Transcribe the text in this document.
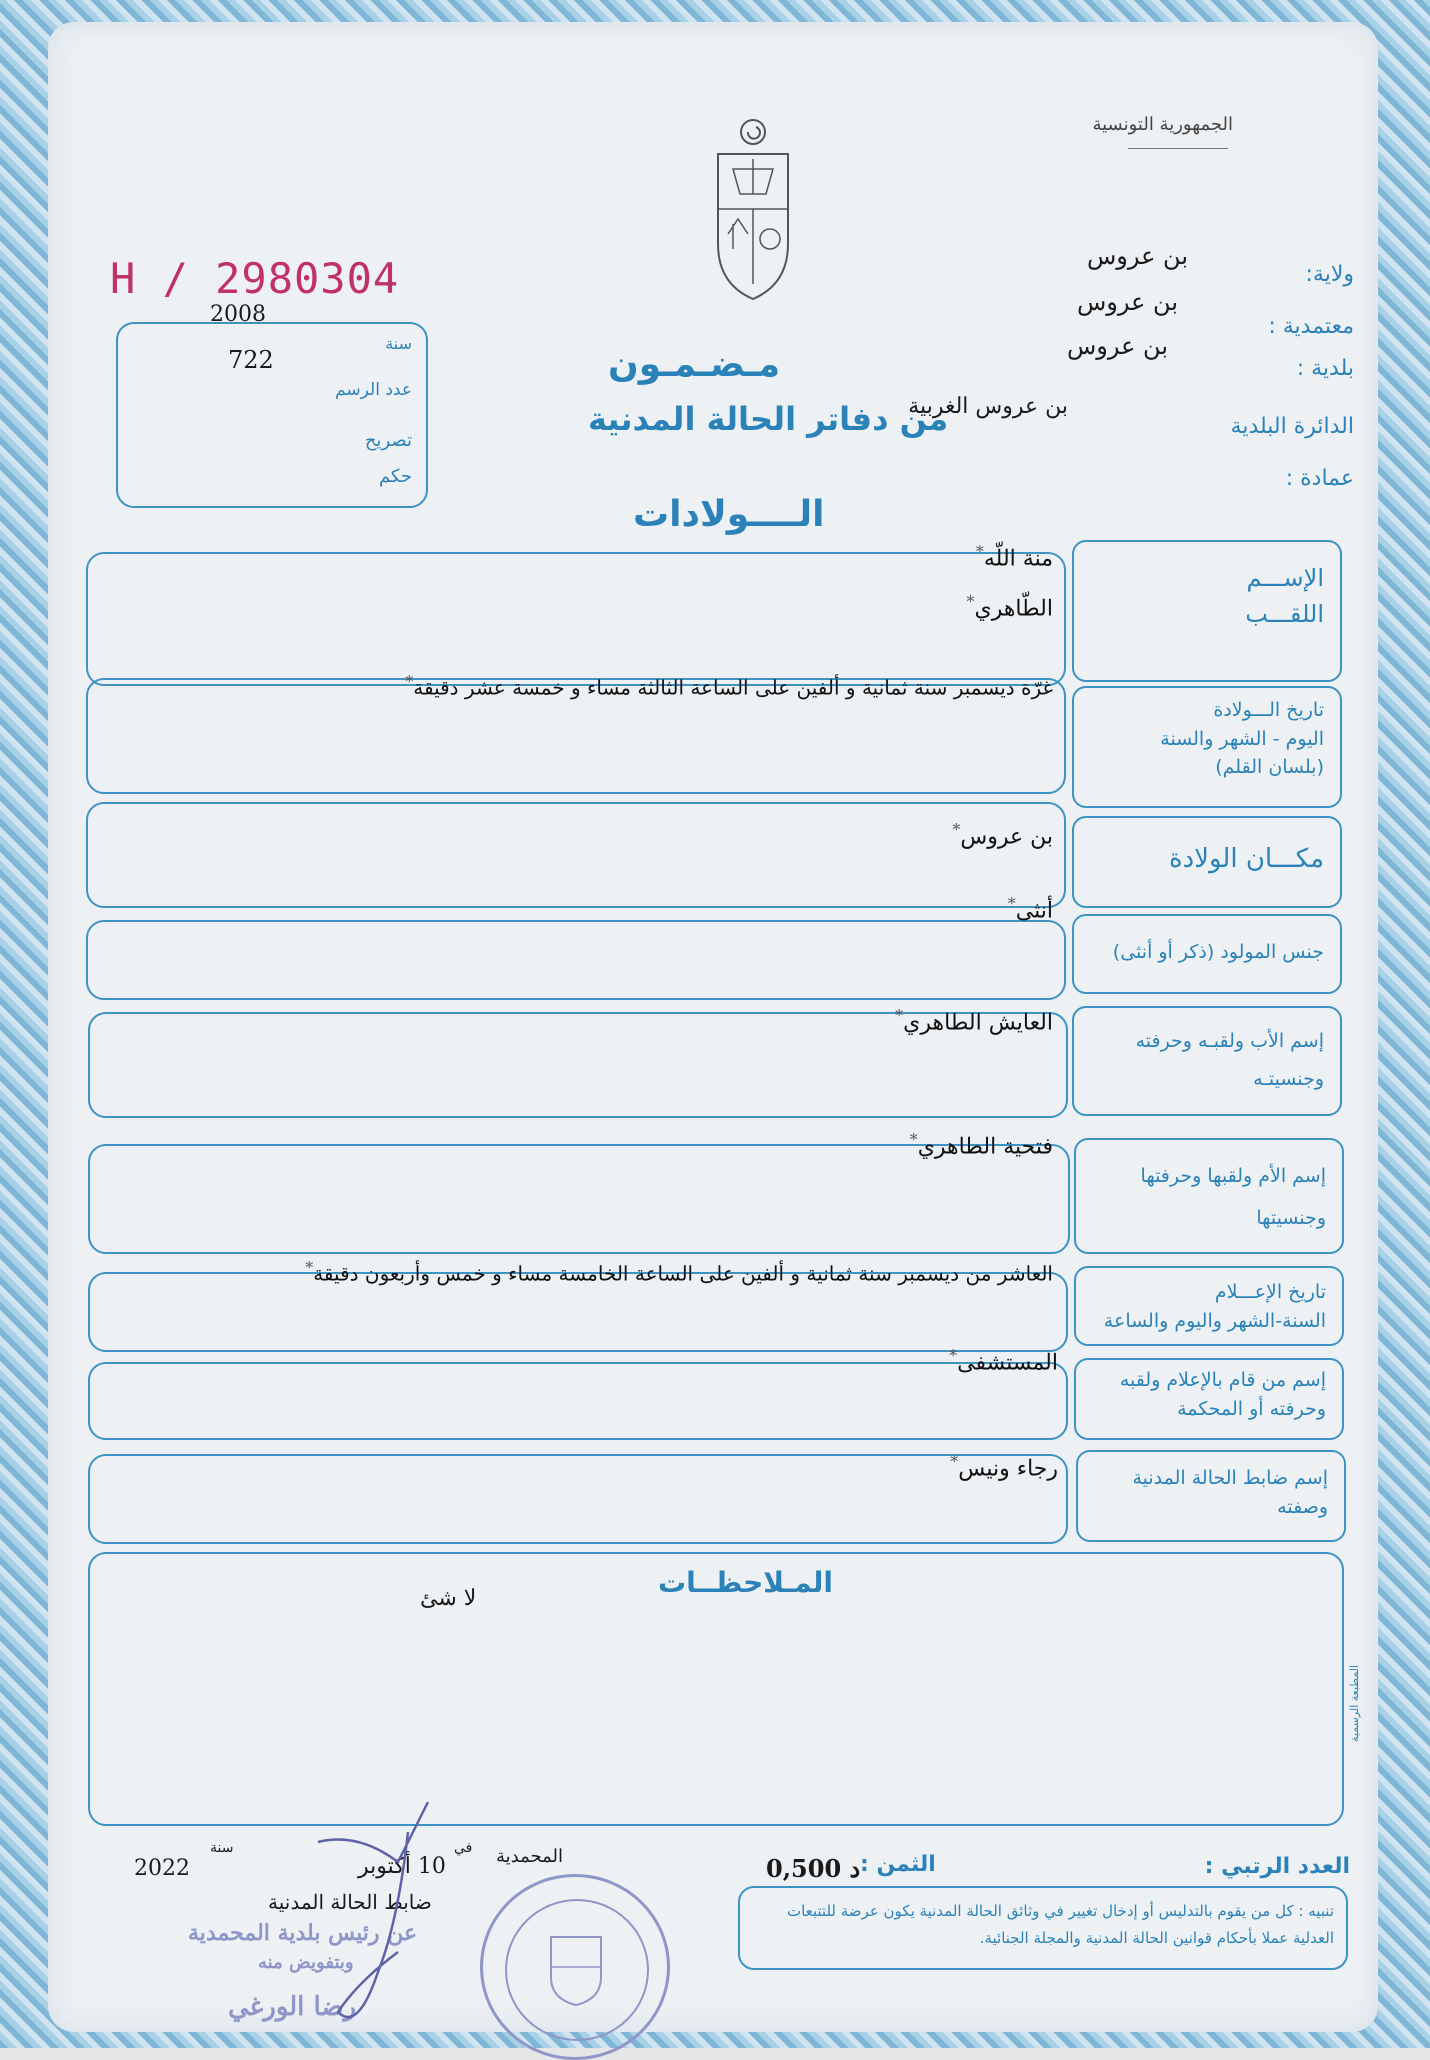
الجمهورية التونسية
ولاية:
بن عروس
معتمدية :
بن عروس
بلدية :
بن عروس
الدائرة البلدية
بن عروس الغربية
عمادة :
H / 2980304
2008
722
سنة
عدد الرسم
تصريح
حكم
مـضـمـون
من دفاتر الحالة المدنية
الــــولادات
الإســـم
اللقـــب
منة اللّه*
الطّاهري*
تاريخ الـــولادة
اليوم - الشهر والسنة
(بلسان القلم)
غرّة ديسمبر سنة ثمانية و ألفين على الساعة الثالثة مساء و خمسة عشر دقيقة*
مكـــان الولادة
بن عروس*
جنس المولود (ذكر أو أنثى)
أنثى*
إسم الأب ولقبـه وحرفته
وجنسيتـه
العايش الطاهري*
إسم الأم ولقبها وحرفتها
وجنسيتها
فتحية الطاهري*
تاريخ الإعـــلام
السنة-الشهر واليوم والساعة
العاشر من ديسمبر سنة ثمانية و ألفين على الساعة الخامسة مساء و خمس وأربعون دقيقة*
إسم من قام بالإعلام ولقبه
وحرفته أو المحكمة
المستشفى*
إسم ضابط الحالة المدنية
وصفته
رجاء ونيس*
المـلاحظــات
لا شئ
المطبعة الرسمية
العدد الرتبي :
الثمن :
0,500 د
المحمدية
في
10 أكتوبر
سنة
2022
ضابط الحالة المدنية
عن رئيس بلدية المحمدية
وبتفويض منه
رضا الورغي
تنبيه : كل من يقوم بالتدليس أو إدخال تغيير في وثائق الحالة المدنية يكون عرضة للتتبعات العدلية عملا بأحكام قوانين الحالة المدنية والمجلة الجنائية.
